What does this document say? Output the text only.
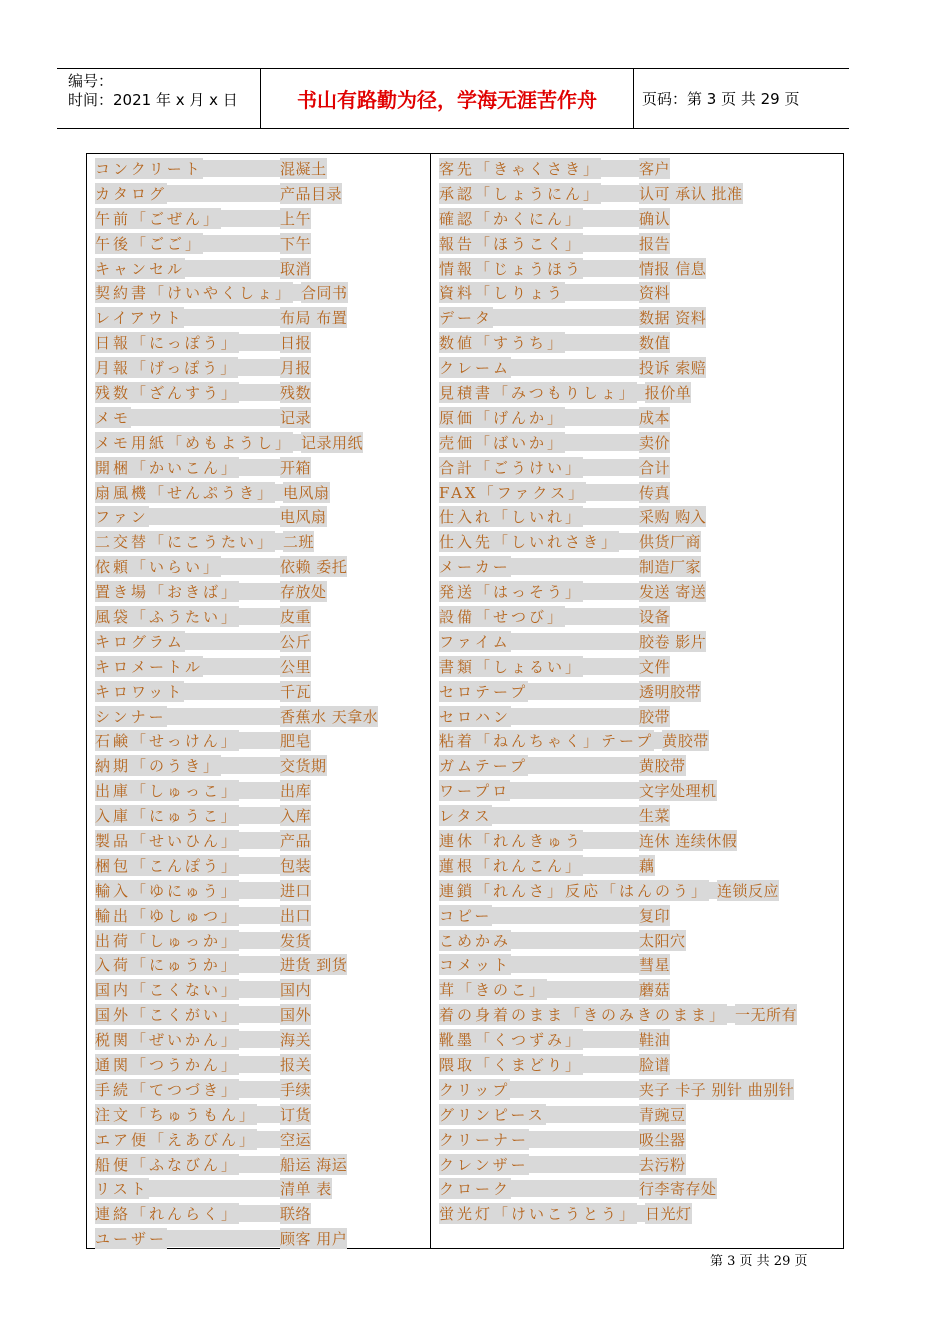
编号：
时间：2021 年 x 月 x 日	书山有路勤为径，学海无涯苦作舟	页码：第 3 页 共 29 页
コンクリート	混凝土
カタログ	产品目录
午前「ごぜん」	上午
午後「ごご」	下午
キャンセル	取消
契約書「けいやくしょ」 合同书
レイアウト	布局 布置
日報「にっぽう」	日报
月報「げっぽう」	月报
残数「ざんすう」	残数
メモ	记录
メモ用紙「めもようし」 记录用纸
開梱「かいこん」	开箱
扇風機「せんぷうき」 电风扇
ファン	电风扇
二交替「にこうたい」 二班
依頼「いらい」	依赖 委托
置き場「おきば」	存放处
風袋「ふうたい」	皮重
キログラム	公斤
キロメートル	公里
キロワット	千瓦
シンナー	香蕉水 天拿水
石鹸「せっけん」	肥皂
納期「のうき」	交货期
出庫「しゅっこ」	出库
入庫「にゅうこ」	入库
製品「せいひん」	产品
梱包「こんぽう」	包装
輸入「ゆにゅう」	进口
輸出「ゆしゅつ」	出口
出荷「しゅっか」	发货
入荷「にゅうか」	进货 到货
国内「こくない」	国内
国外「こくがい」	国外
税関「ぜいかん」	海关
通関「つうかん」	报关
手続「てつづき」	手续
注文「ちゅうもん」 订货
エア便「えあびん」 空运
船便「ふなびん」	船运 海运
リスト	清单 表
連絡「れんらく」	联络
ユーザー	顾客 用户
客先「きゃくさき」	客户
承認「しょうにん」	认可 承认 批准
確認「かくにん」	确认
報告「ほうこく」	报告
情報「じょうほう	情报 信息
資料「しりょう	资料
データ	数据 资料
数値「すうち」	数值
クレーム	投诉 索赔
見積書「みつもりしょ」 报价单
原価「げんか」	成本
売価「ばいか」	卖价
合計「ごうけい」	合计
FAX「ファクス」	传真
仕入れ「しいれ」	采购 购入
仕入先「しいれさき」 供货厂商
メーカー	制造厂家
発送「はっそう」	发送 寄送
設備「せつび」	设备
ファイム	胶卷 影片
書類「しょるい」	文件
セロテープ	透明胶带
セロハン	胶带
粘着「ねんちゃく」テープ 黄胶带
ガムテープ	黄胶带
ワープロ	文字处理机
レタス	生菜
連休「れんきゅう	连休 连续休假
蓮根「れんこん」	藕
連鎖「れんさ」反応「はんのう」 连锁反应
コピー	复印
こめかみ	太阳穴
コメット	彗星
茸「きのこ」	蘑菇
着の身着のまま「きのみきのまま」 一无所有
靴墨「くつずみ」	鞋油
隈取「くまどり」	脸谱
クリップ	夹子 卡子 别针 曲别针
グリンピース	青豌豆
クリーナー	吸尘器
クレンザー	去污粉
クローク	行李寄存处
蛍光灯「けいこうとう」 日光灯
第 3 页 共 29 页
